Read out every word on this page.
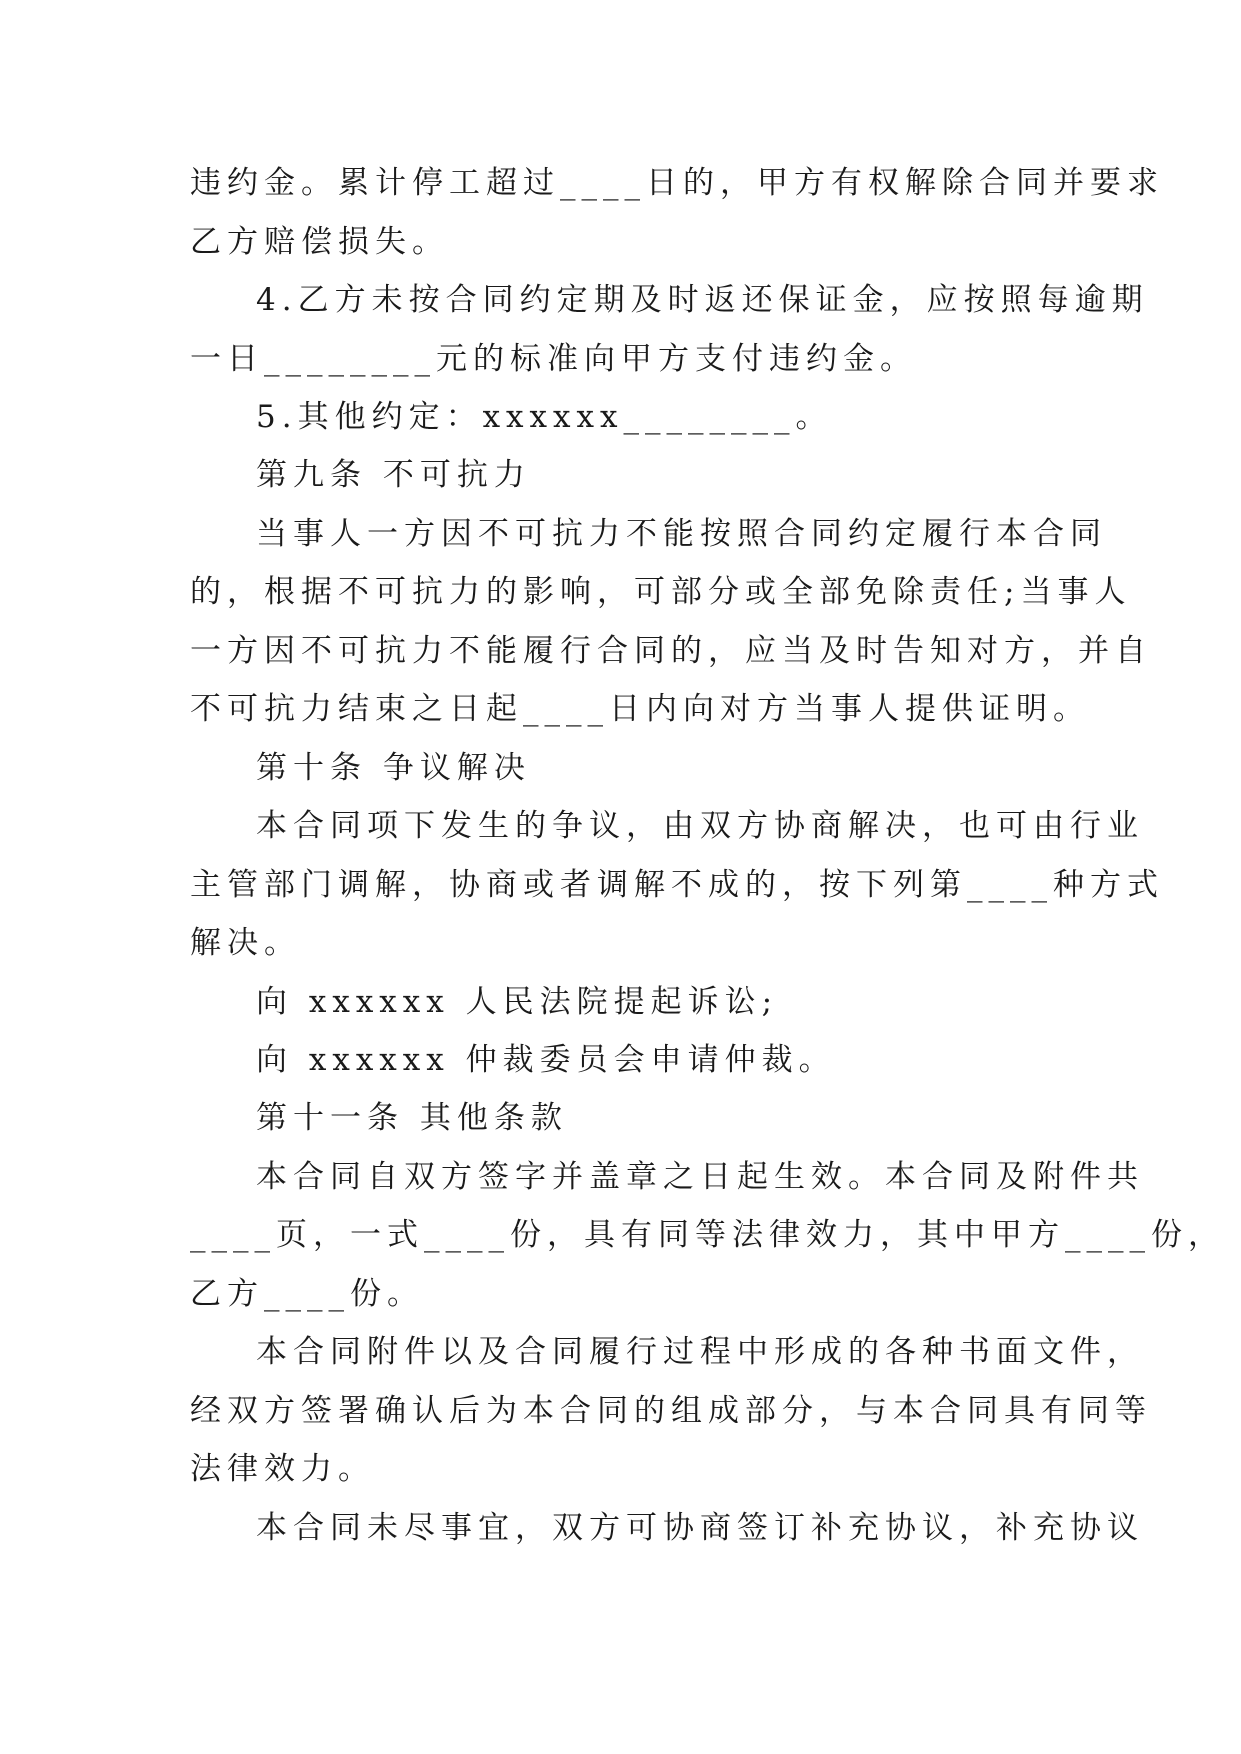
违约金。累计停工超过____日的，甲方有权解除合同并要求
乙方赔偿损失。
4.乙方未按合同约定期及时返还保证金，应按照每逾期
一日________元的标准向甲方支付违约金。
5.其他约定：xxxxxx________。
第九条 不可抗力
当事人一方因不可抗力不能按照合同约定履行本合同
的，根据不可抗力的影响，可部分或全部免除责任;当事人
一方因不可抗力不能履行合同的，应当及时告知对方，并自
不可抗力结束之日起____日内向对方当事人提供证明。
第十条 争议解决
本合同项下发生的争议，由双方协商解决，也可由行业
主管部门调解，协商或者调解不成的，按下列第____种方式
解决。
向 xxxxxx 人民法院提起诉讼;
向 xxxxxx 仲裁委员会申请仲裁。
第十一条 其他条款
本合同自双方签字并盖章之日起生效。本合同及附件共
____页，一式____份，具有同等法律效力，其中甲方____份，
乙方____份。
本合同附件以及合同履行过程中形成的各种书面文件，
经双方签署确认后为本合同的组成部分，与本合同具有同等
法律效力。
本合同未尽事宜，双方可协商签订补充协议，补充协议
